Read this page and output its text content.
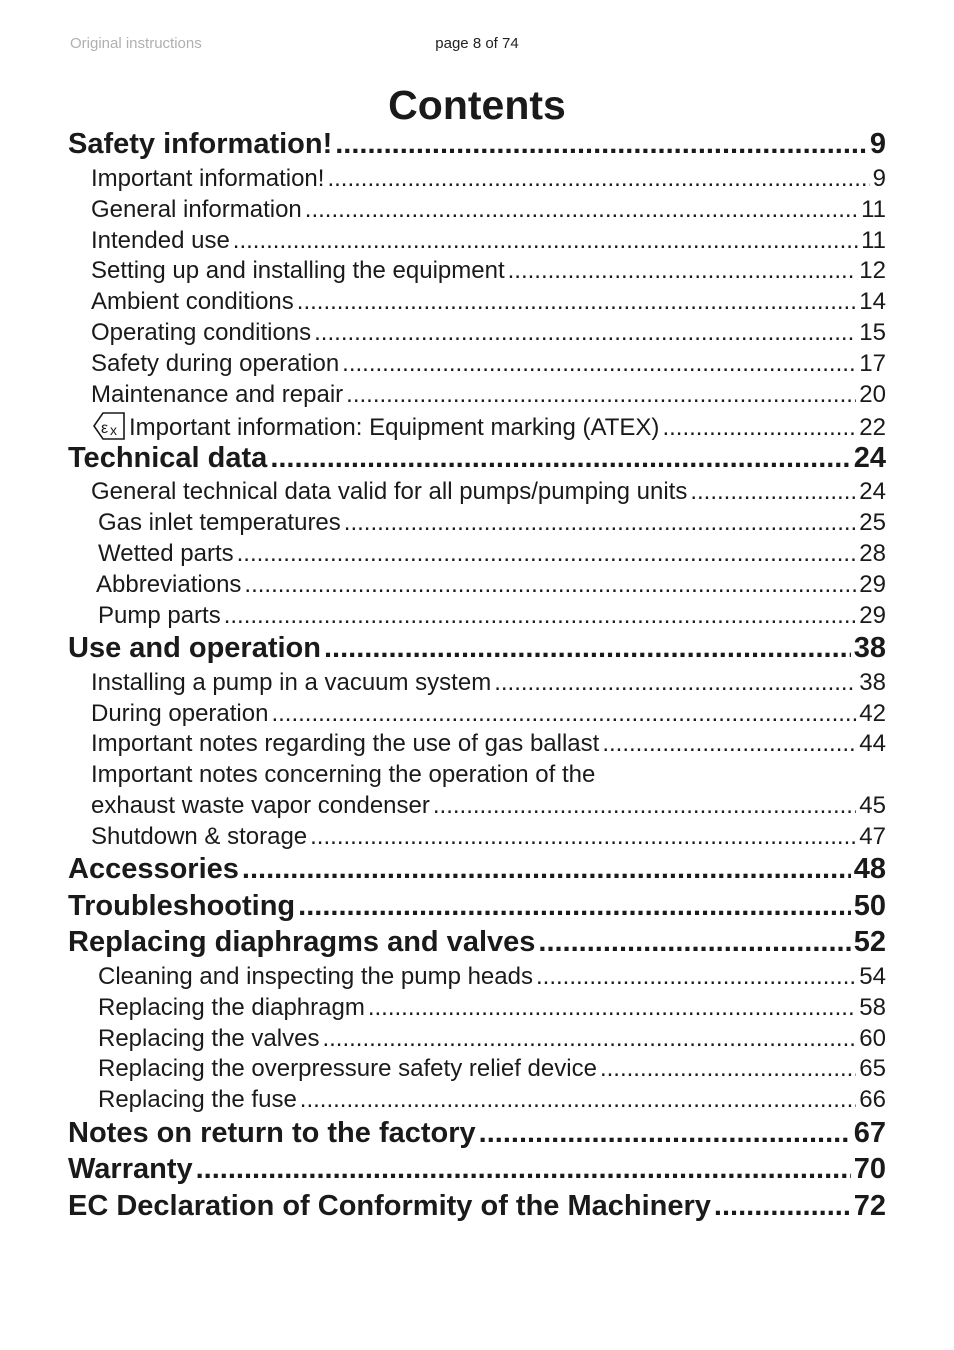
Original instructions	page 8 of 74
Contents
Safety information! .....	9
Important information! .....	9
General information .....	11
Intended use .....	11
Setting up and installing the equipment .....	12
Ambient conditions .....	14
Operating conditions .....	15
Safety during operation .....	17
Maintenance and repair .....	20
ε x Important information: Equipment marking (ATEX) .....	22
Technical data .....	24
General technical data valid for all pumps/pumping units .....	24
Gas inlet temperatures .....	25
Wetted parts .....	28
Abbreviations .....	29
Pump parts .....	29
Use and operation .....	38
Installing a pump in a vacuum system .....	38
During operation .....	42
Important notes regarding the use of gas ballast .....	44
Important notes concerning the operation of the
exhaust waste vapor condenser .....	45
Shutdown & storage .....	47
Accessories .....	48
Troubleshooting .....	50
Replacing diaphragms and valves .....	52
Cleaning and inspecting the pump heads .....	54
Replacing the diaphragm .....	58
Replacing the valves .....	60
Replacing the overpressure safety relief device .....	65
Replacing the fuse .....	66
Notes on return to the factory .....	67
Warranty .....	70
EC Declaration of Conformity of the Machinery .....	72
